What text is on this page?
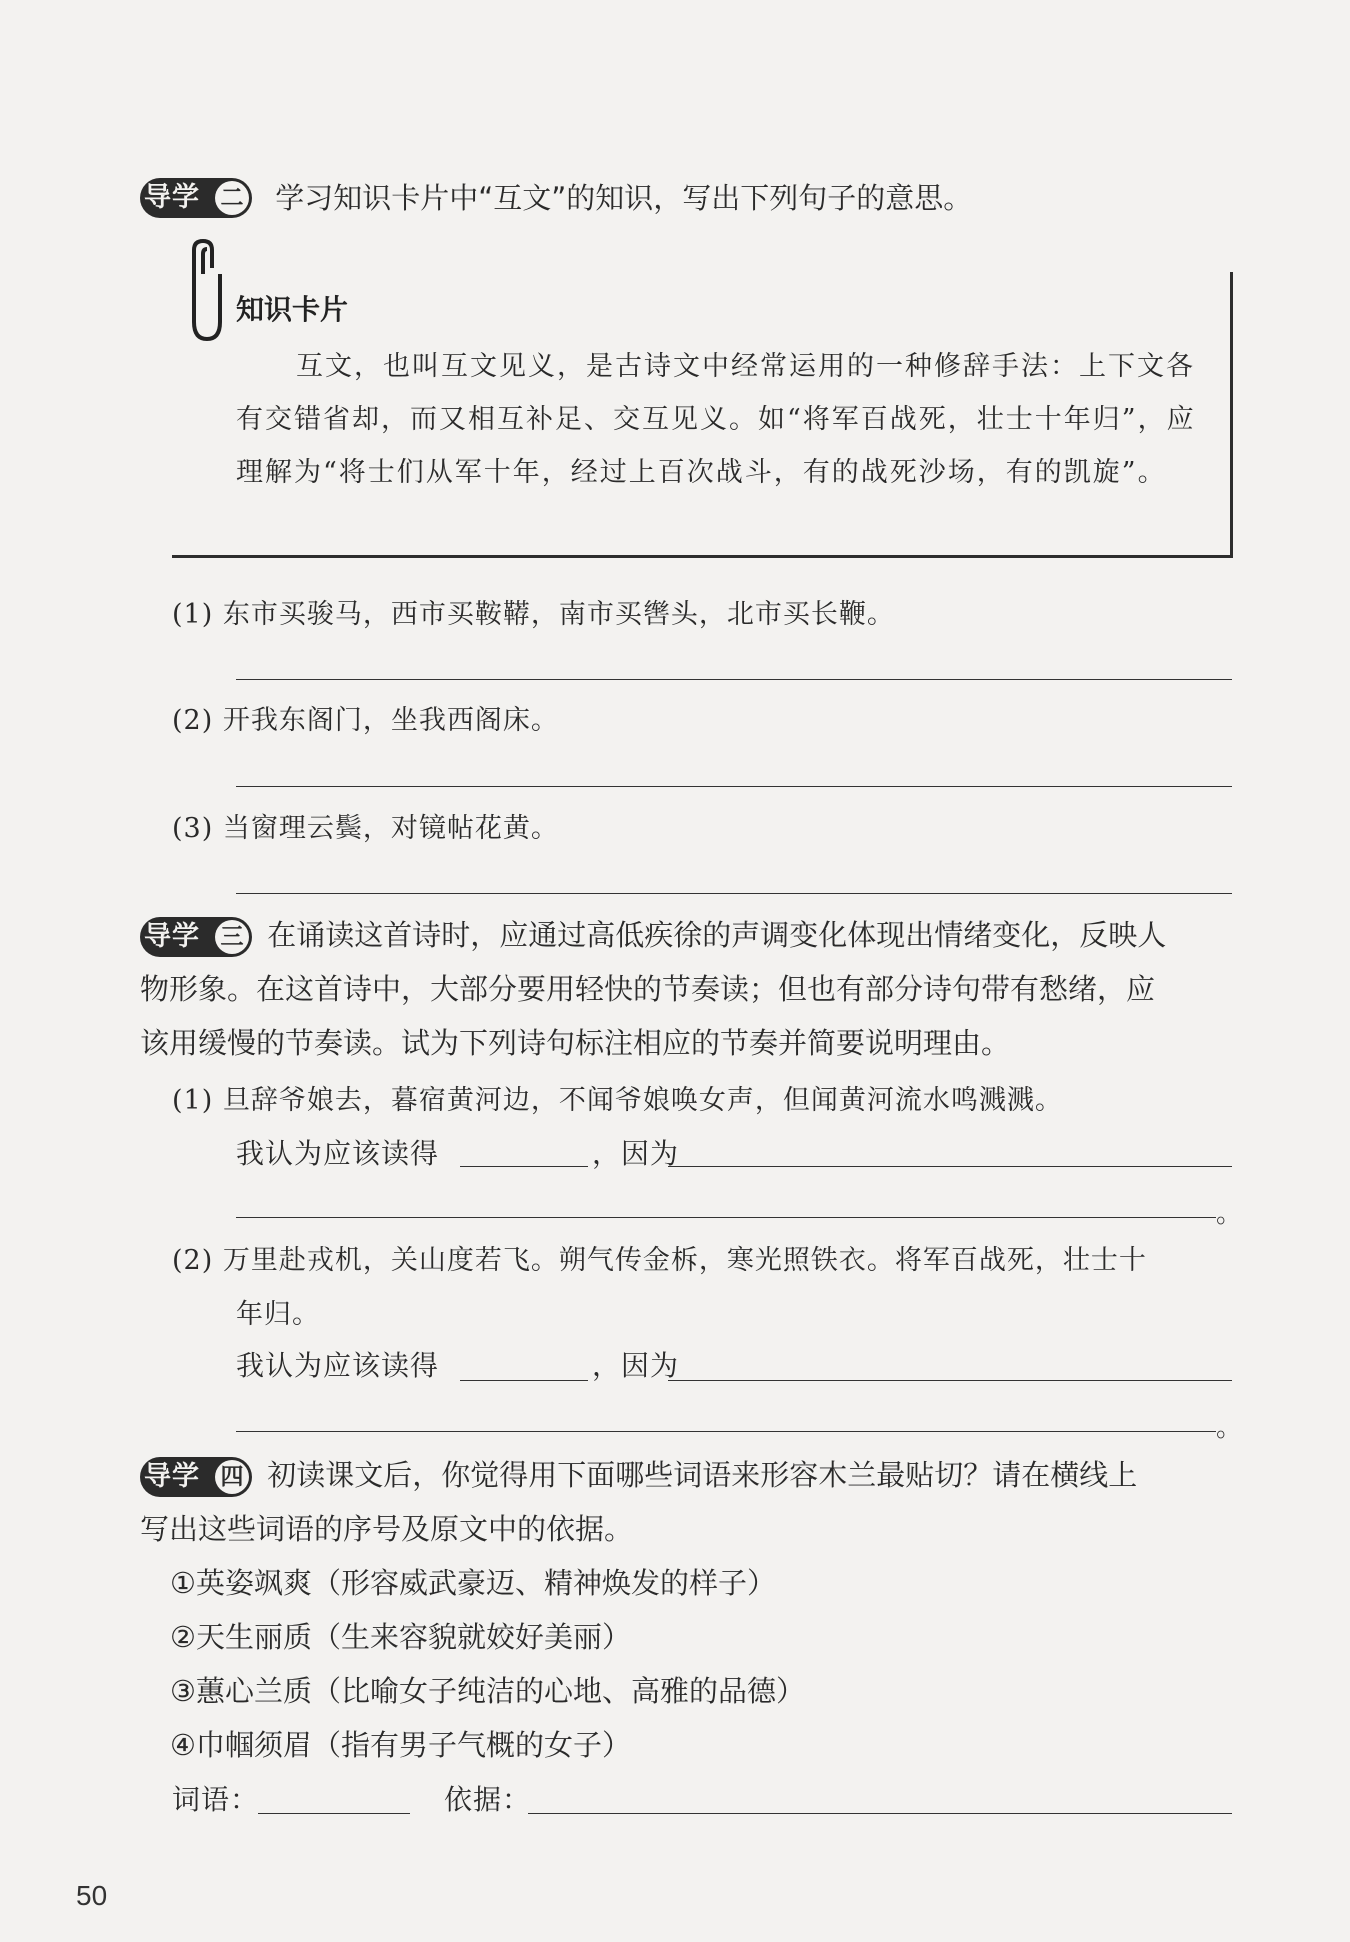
导学 二 学习知识卡片中“互文”的知识，写出下列句子的意思。
知识卡片
互文，也叫互文见义，是古诗文中经常运用的一种修辞手法：上下文各有交错省却，而又相互补足、交互见义。如“将军百战死，壮士十年归”，应理解为“将士们从军十年，经过上百次战斗，有的战死沙场，有的凯旋”。
(1) 东市买骏马，西市买鞍鞯，南市买辔头，北市买长鞭。
(2) 开我东阁门，坐我西阁床。
(3) 当窗理云鬓，对镜帖花黄。
导学 三 在诵读这首诗时，应通过高低疾徐的声调变化体现出情绪变化，反映人
物形象。在这首诗中，大部分要用轻快的节奏读；但也有部分诗句带有愁绪，应
该用缓慢的节奏读。试为下列诗句标注相应的节奏并简要说明理由。
(1) 旦辞爷娘去，暮宿黄河边，不闻爷娘唤女声，但闻黄河流水鸣溅溅。
我认为应该读得	，因为
。
(2) 万里赴戎机，关山度若飞。朔气传金柝，寒光照铁衣。将军百战死，壮士十
年归。
我认为应该读得	，因为
。
导学 四 初读课文后，你觉得用下面哪些词语来形容木兰最贴切？请在横线上
写出这些词语的序号及原文中的依据。
①英姿飒爽（形容威武豪迈、精神焕发的样子）
②天生丽质（生来容貌就姣好美丽）
③蕙心兰质（比喻女子纯洁的心地、高雅的品德）
④巾帼须眉（指有男子气概的女子）
词语：	依据：
50
